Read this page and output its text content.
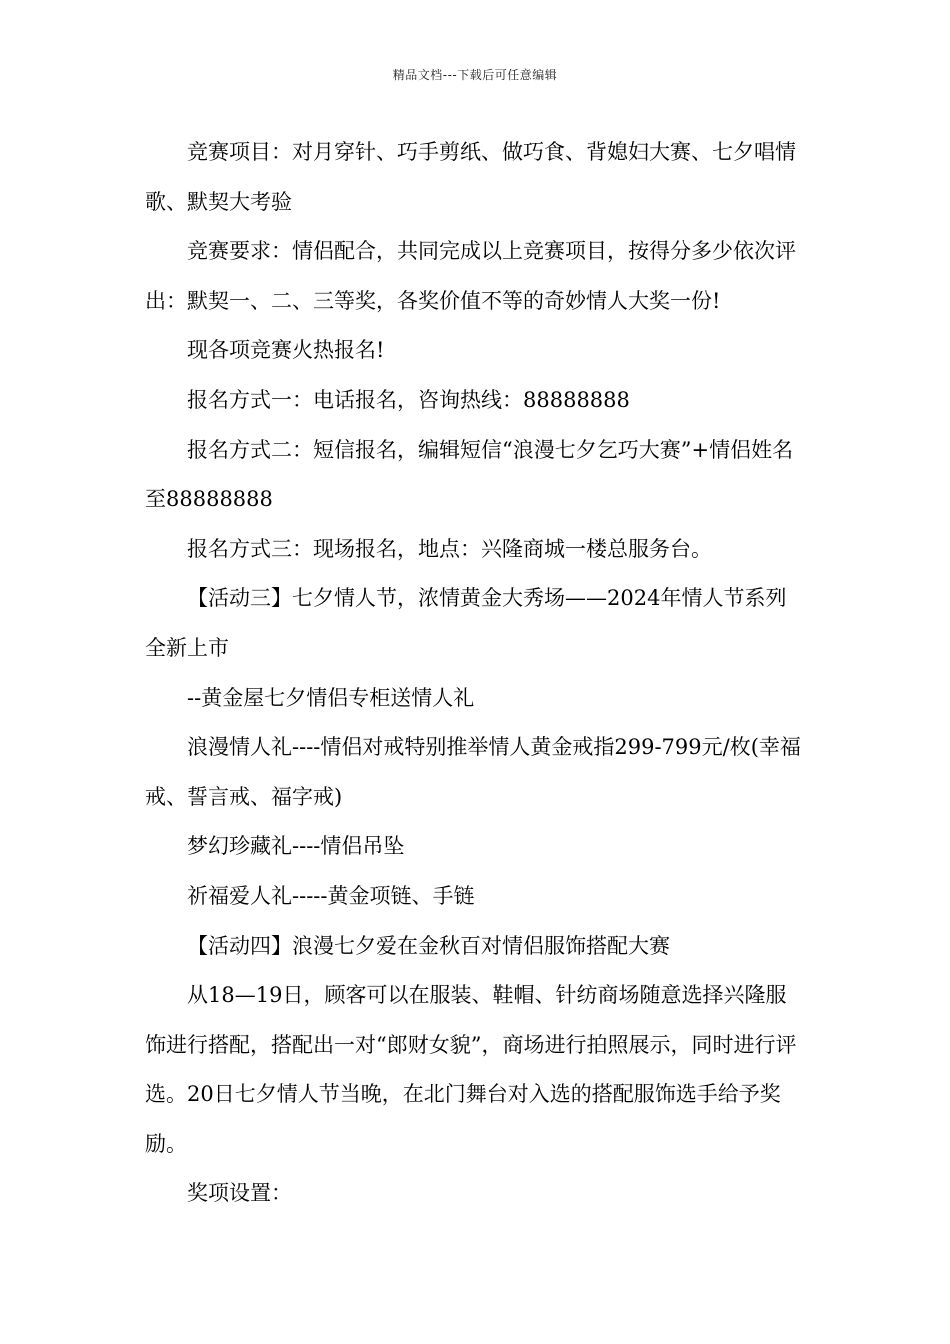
精品文档---下载后可任意编辑

竞赛项目：对月穿针、巧手剪纸、做巧食、背媳妇大赛、七夕唱情歌、默契大考验

竞赛要求：情侣配合，共同完成以上竞赛项目，按得分多少依次评出：默契一、二、三等奖，各奖价值不等的奇妙情人大奖一份!

现各项竞赛火热报名!

报名方式一：电话报名，咨询热线：88888888

报名方式二：短信报名，编辑短信“浪漫七夕乞巧大赛”+情侣姓名至88888888

报名方式三：现场报名，地点：兴隆商城一楼总服务台。

【活动三】七夕情人节，浓情黄金大秀场——2024年情人节系列全新上市

--黄金屋七夕情侣专柜送情人礼

浪漫情人礼----情侣对戒特别推举情人黄金戒指299-799元/枚(幸福戒、誓言戒、福字戒)

梦幻珍藏礼----情侣吊坠

祈福爱人礼-----黄金项链、手链

【活动四】浪漫七夕爱在金秋百对情侣服饰搭配大赛

从18—19日，顾客可以在服装、鞋帽、针纺商场随意选择兴隆服饰进行搭配，搭配出一对“郎财女貌”，商场进行拍照展示，同时进行评选。20日七夕情人节当晚，在北门舞台对入选的搭配服饰选手给予奖励。

奖项设置：
